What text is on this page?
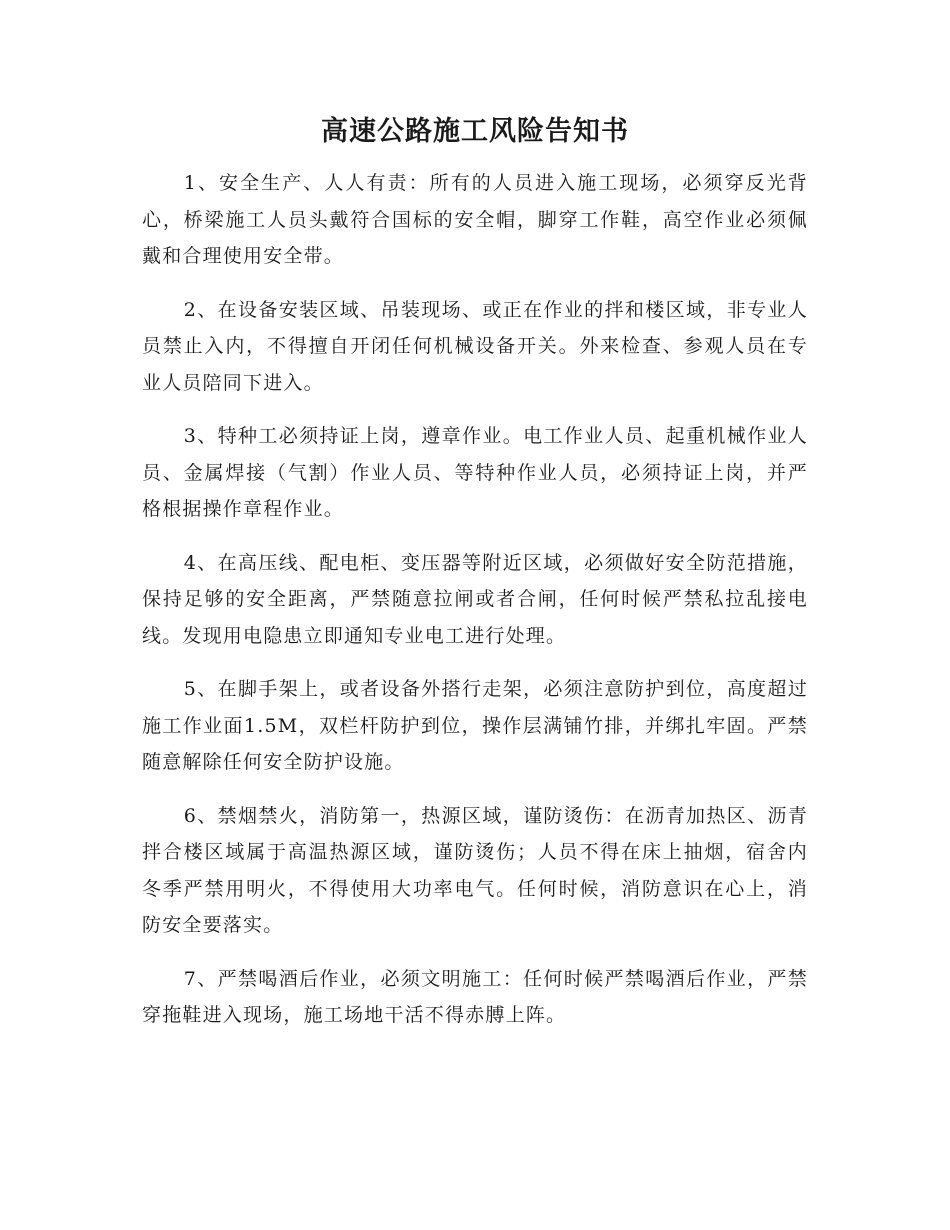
高速公路施工风险告知书

1、安全生产、人人有责：所有的人员进入施工现场，必须穿反光背心，桥梁施工人员头戴符合国标的安全帽，脚穿工作鞋，高空作业必须佩戴和合理使用安全带。

2、在设备安装区域、吊装现场、或正在作业的拌和楼区域，非专业人员禁止入内，不得擅自开闭任何机械设备开关。外来检查、参观人员在专业人员陪同下进入。

3、特种工必须持证上岗，遵章作业。电工作业人员、起重机械作业人员、金属焊接（气割）作业人员、等特种作业人员，必须持证上岗，并严格根据操作章程作业。

4、在高压线、配电柜、变压器等附近区域，必须做好安全防范措施，保持足够的安全距离，严禁随意拉闸或者合闸，任何时候严禁私拉乱接电线。发现用电隐患立即通知专业电工进行处理。

5、在脚手架上，或者设备外搭行走架，必须注意防护到位，高度超过施工作业面1.5M，双栏杆防护到位，操作层满铺竹排，并绑扎牢固。严禁随意解除任何安全防护设施。

6、禁烟禁火，消防第一，热源区域，谨防烫伤：在沥青加热区、沥青拌合楼区域属于高温热源区域，谨防烫伤；人员不得在床上抽烟，宿舍内冬季严禁用明火，不得使用大功率电气。任何时候，消防意识在心上，消防安全要落实。

7、严禁喝酒后作业，必须文明施工：任何时候严禁喝酒后作业，严禁穿拖鞋进入现场，施工场地干活不得赤膊上阵。
